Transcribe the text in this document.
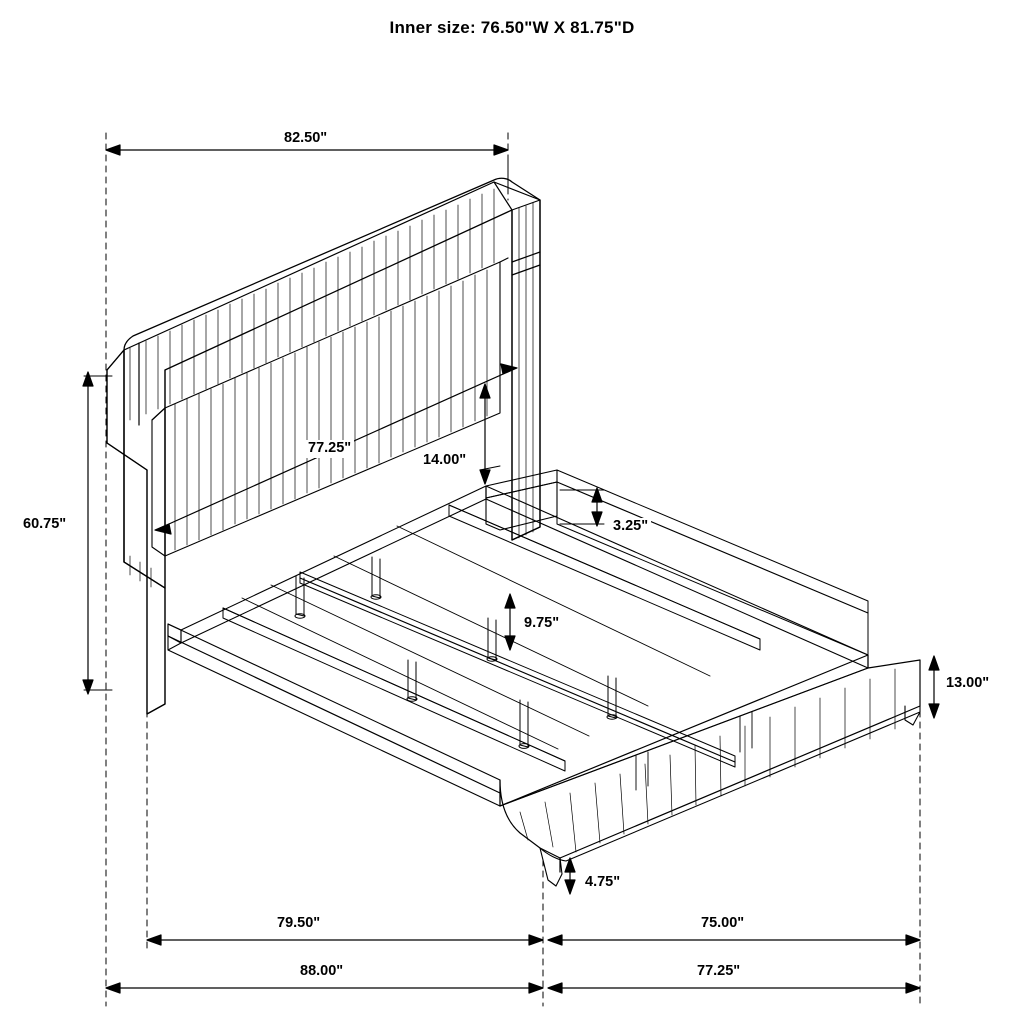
Inner size: 76.50"W X 81.75"D
82.50"
60.75"
77.25"
14.00"
3.25"
9.75"
13.00"
4.75"
79.50"	75.00"
88.00"	77.25"
